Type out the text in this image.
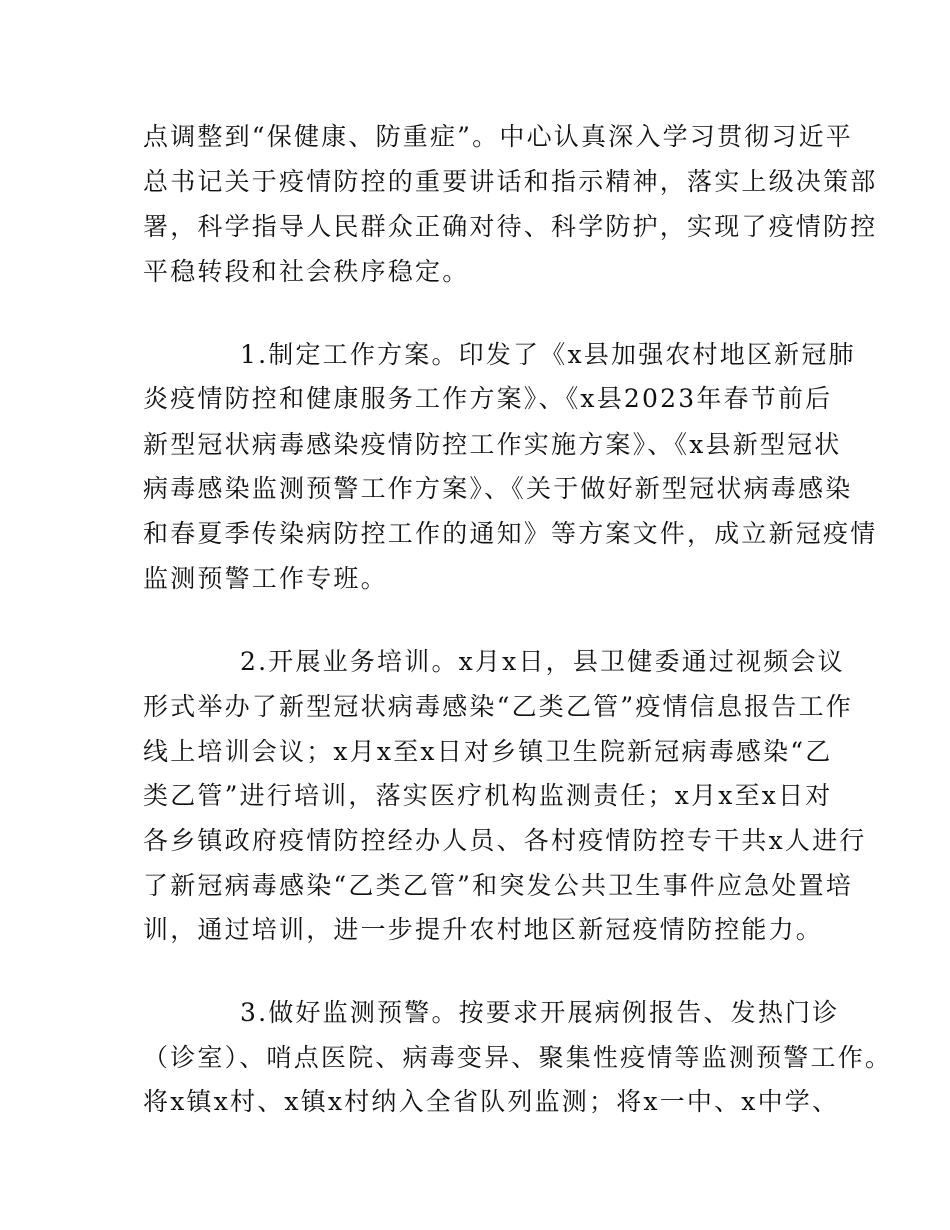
点调整到“保健康、防重症”。中心认真深入学习贯彻习近平
总书记关于疫情防控的重要讲话和指示精神，落实上级决策部
署，科学指导人民群众正确对待、科学防护，实现了疫情防控
平稳转段和社会秩序稳定。
1.制定工作方案。印发了《x县加强农村地区新冠肺
炎疫情防控和健康服务工作方案》、《x县2023年春节前后
新型冠状病毒感染疫情防控工作实施方案》、《x县新型冠状
病毒感染监测预警工作方案》、《关于做好新型冠状病毒感染
和春夏季传染病防控工作的通知》等方案文件，成立新冠疫情
监测预警工作专班。
2.开展业务培训。x月x日，县卫健委通过视频会议
形式举办了新型冠状病毒感染“乙类乙管”疫情信息报告工作
线上培训会议；x月x至x日对乡镇卫生院新冠病毒感染“乙
类乙管”进行培训，落实医疗机构监测责任；x月x至x日对
各乡镇政府疫情防控经办人员、各村疫情防控专干共x人进行
了新冠病毒感染“乙类乙管”和突发公共卫生事件应急处置培
训，通过培训，进一步提升农村地区新冠疫情防控能力。
3.做好监测预警。按要求开展病例报告、发热门诊
（诊室）、哨点医院、病毒变异、聚集性疫情等监测预警工作。
将x镇x村、x镇x村纳入全省队列监测；将x一中、x中学、
